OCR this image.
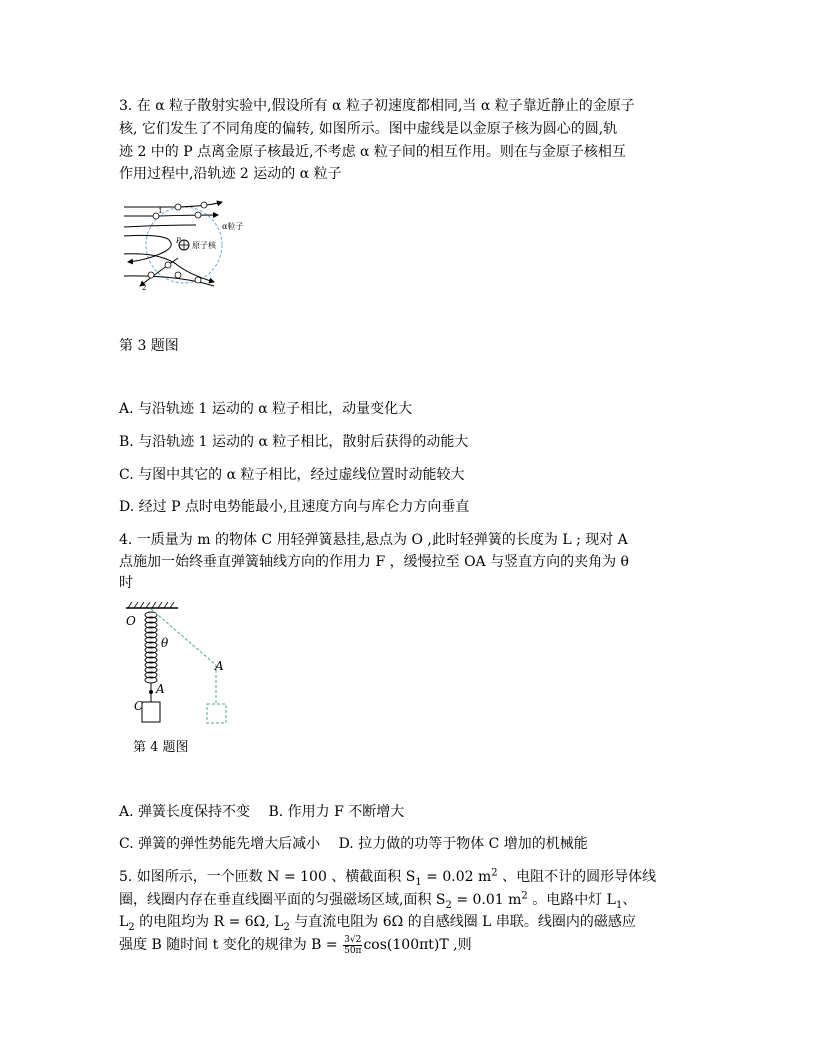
3. 在 α 粒子散射实验中,假设所有 α 粒子初速度都相同,当 α 粒子靠近静止的金原子
核, 它们发生了不同角度的偏转, 如图所示。图中虚线是以金原子核为圆心的圆,轨
迹 2 中的 P 点离金原子核最近,不考虑 α 粒子间的相互作用。则在与金原子核相互
作用过程中,沿轨迹 2 运动的 α 粒子
1
2
α粒子
P 原子核
第 3 题图
A. 与沿轨迹 1 运动的 α 粒子相比，动量变化大
B. 与沿轨迹 1 运动的 α 粒子相比，散射后获得的动能大
C. 与图中其它的 α 粒子相比，经过虚线位置时动能较大
D. 经过 P 点时电势能最小,且速度方向与库仑力方向垂直
4. 一质量为 m 的物体 C 用轻弹簧悬挂,悬点为 O ,此时轻弹簧的长度为 L ; 现对 A
点施加一始终垂直弹簧轴线方向的作用力 F ，缓慢拉至 OA 与竖直方向的夹角为 θ
时
O
θ
A
A
C
第 4 题图
A. 弹簧长度保持不变　 B. 作用力 F 不断增大
C. 弹簧的弹性势能先增大后减小　 D. 拉力做的功等于物体 C 增加的机械能
5. 如图所示，一个匝数 N = 100 、横截面积 $S_1 = 0.02$ $m^2$ 、电阻不计的圆形导体线
圈，线圈内存在垂直线圈平面的匀强磁场区域,面积 $S_2 = 0.01$ $m^2$ 。电路中灯 $L_1$、
$L_2$ 的电阻均为 R = 6Ω, $L_2$ 与直流电阻为 6Ω 的自感线圈 L 串联。线圈内的磁感应
强度 B 随时间 t 变化的规律为 $B = \frac{3√2}{50\pi} \cos(100\pi t)T$ ,则
